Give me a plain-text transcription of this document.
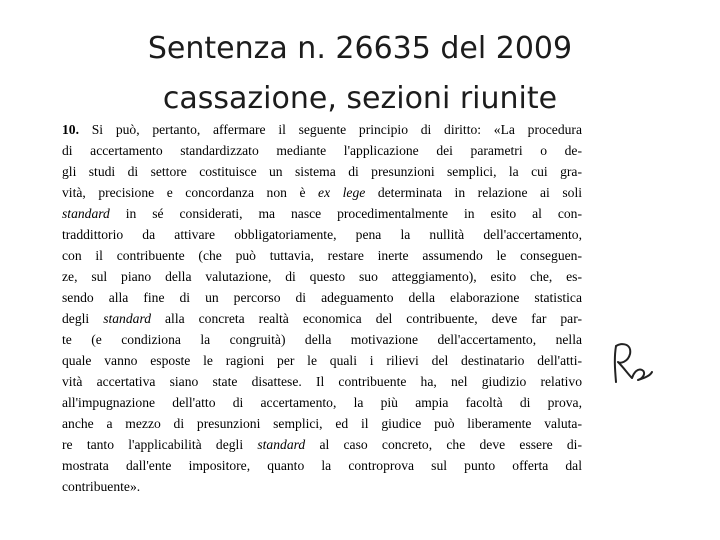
Sentenza n. 26635 del 2009
cassazione, sezioni riunite
10. Si può, pertanto, affermare il seguente principio di diritto: «La procedura
di accertamento standardizzato mediante l'applicazione dei parametri o de-
gli studi di settore costituisce un sistema di presunzioni semplici, la cui gra-
vità, precisione e concordanza non è ex lege determinata in relazione ai soli
standard in sé considerati, ma nasce procedimentalmente in esito al con-
traddittorio da attivare obbligatoriamente, pena la nullità dell'accertamento,
con il contribuente (che può tuttavia, restare inerte assumendo le conseguen-
ze, sul piano della valutazione, di questo suo atteggiamento), esito che, es-
sendo alla fine di un percorso di adeguamento della elaborazione statistica
degli standard alla concreta realtà economica del contribuente, deve far par-
te (e condiziona la congruità) della motivazione dell'accertamento, nella
quale vanno esposte le ragioni per le quali i rilievi del destinatario dell'atti-
vità accertativa siano state disattese. Il contribuente ha, nel giudizio relativo
all'impugnazione dell'atto di accertamento, la più ampia facoltà di prova,
anche a mezzo di presunzioni semplici, ed il giudice può liberamente valuta-
re tanto l'applicabilità degli standard al caso concreto, che deve essere di-
mostrata dall'ente impositore, quanto la controprova sul punto offerta dal
contribuente».
